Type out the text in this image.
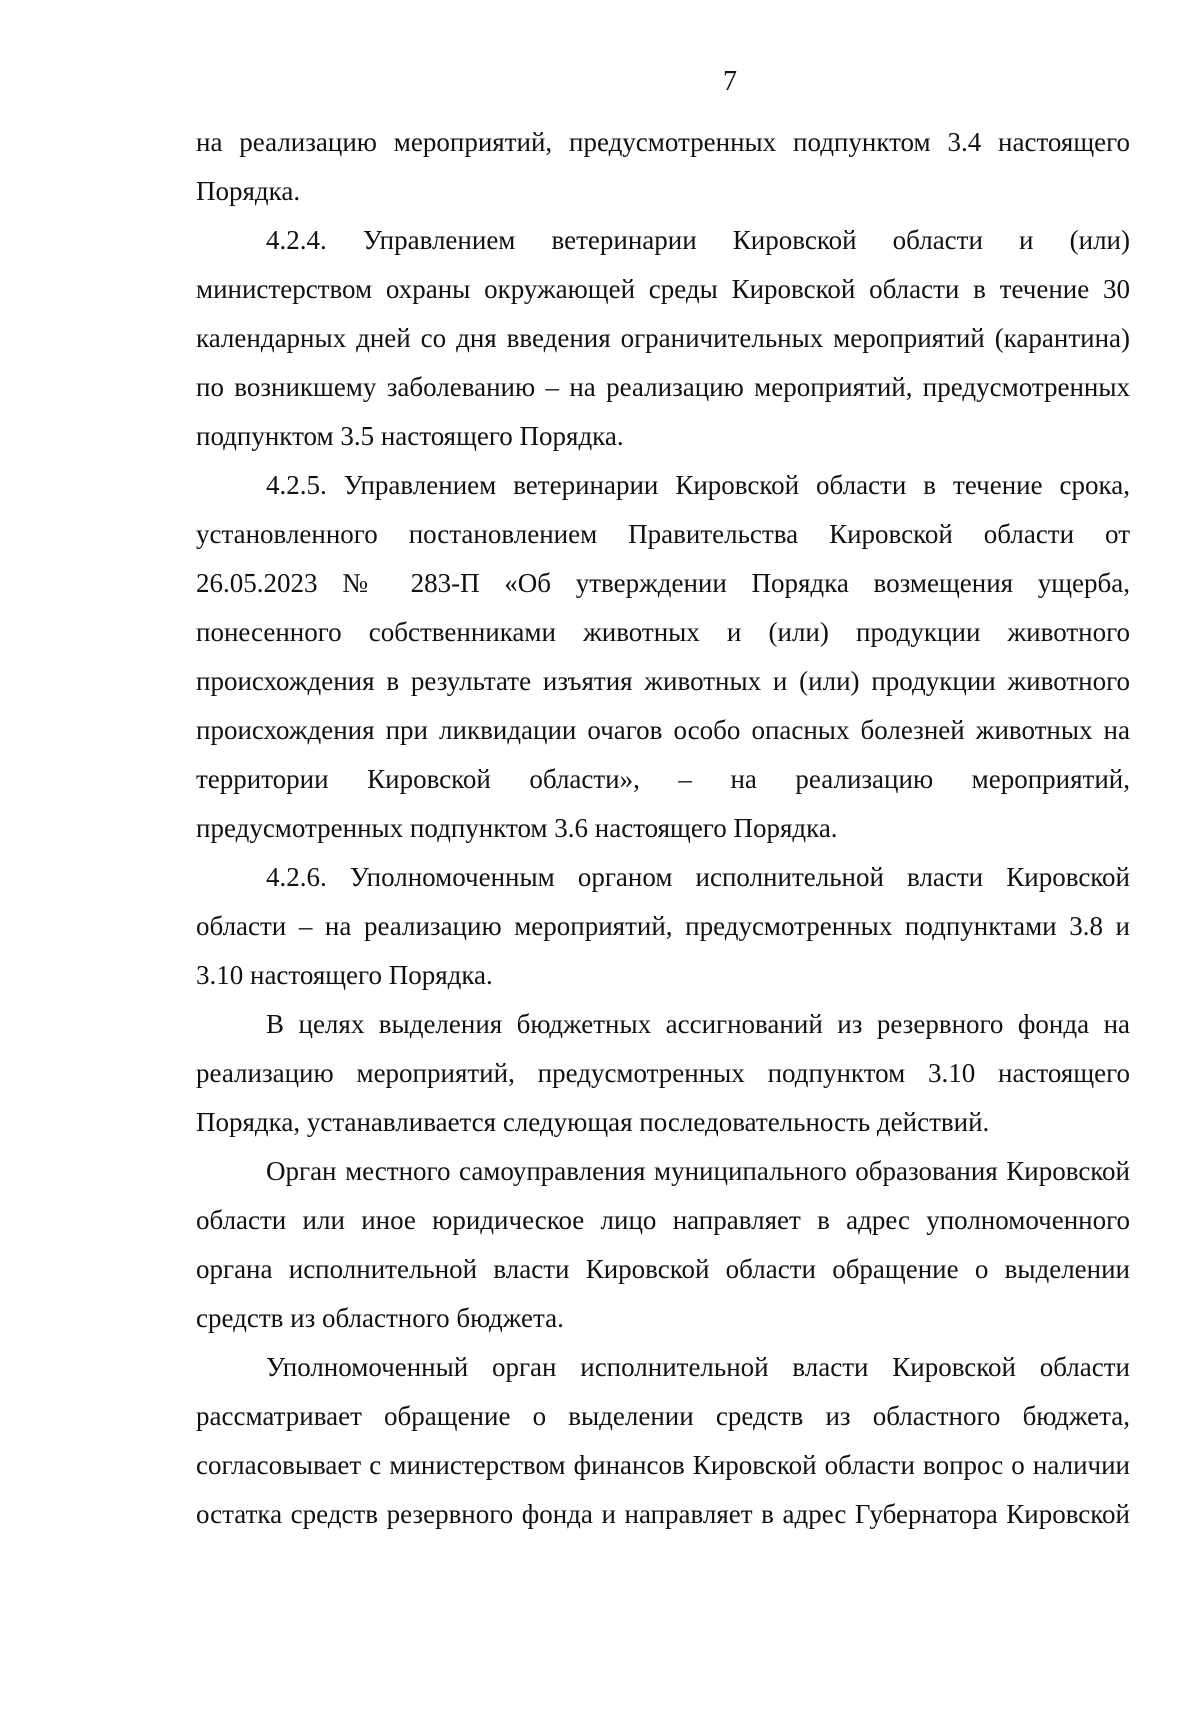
7

на реализацию мероприятий, предусмотренных подпунктом 3.4 настоящего Порядка.

4.2.4. Управлением ветеринарии Кировской области и (или) министерством охраны окружающей среды Кировской области в течение 30 календарных дней со дня введения ограничительных мероприятий (карантина) по возникшему заболеванию – на реализацию мероприятий, предусмотренных подпунктом 3.5 настоящего Порядка.

4.2.5. Управлением ветеринарии Кировской области в течение срока, установленного постановлением Правительства Кировской области от 26.05.2023 № 283-П «Об утверждении Порядка возмещения ущерба, понесенного собственниками животных и (или) продукции животного происхождения в результате изъятия животных и (или) продукции животного происхождения при ликвидации очагов особо опасных болезней животных на территории Кировской области», – на реализацию мероприятий, предусмотренных подпунктом 3.6 настоящего Порядка.

4.2.6. Уполномоченным органом исполнительной власти Кировской области – на реализацию мероприятий, предусмотренных подпунктами 3.8 и 3.10 настоящего Порядка.

В целях выделения бюджетных ассигнований из резервного фонда на реализацию мероприятий, предусмотренных подпунктом 3.10 настоящего Порядка, устанавливается следующая последовательность действий.

Орган местного самоуправления муниципального образования Кировской области или иное юридическое лицо направляет в адрес уполномоченного органа исполнительной власти Кировской области обращение о выделении средств из областного бюджета.

Уполномоченный орган исполнительной власти Кировской области рассматривает обращение о выделении средств из областного бюджета, согласовывает с министерством финансов Кировской области вопрос о наличии остатка средств резервного фонда и направляет в адрес Губернатора Кировской
